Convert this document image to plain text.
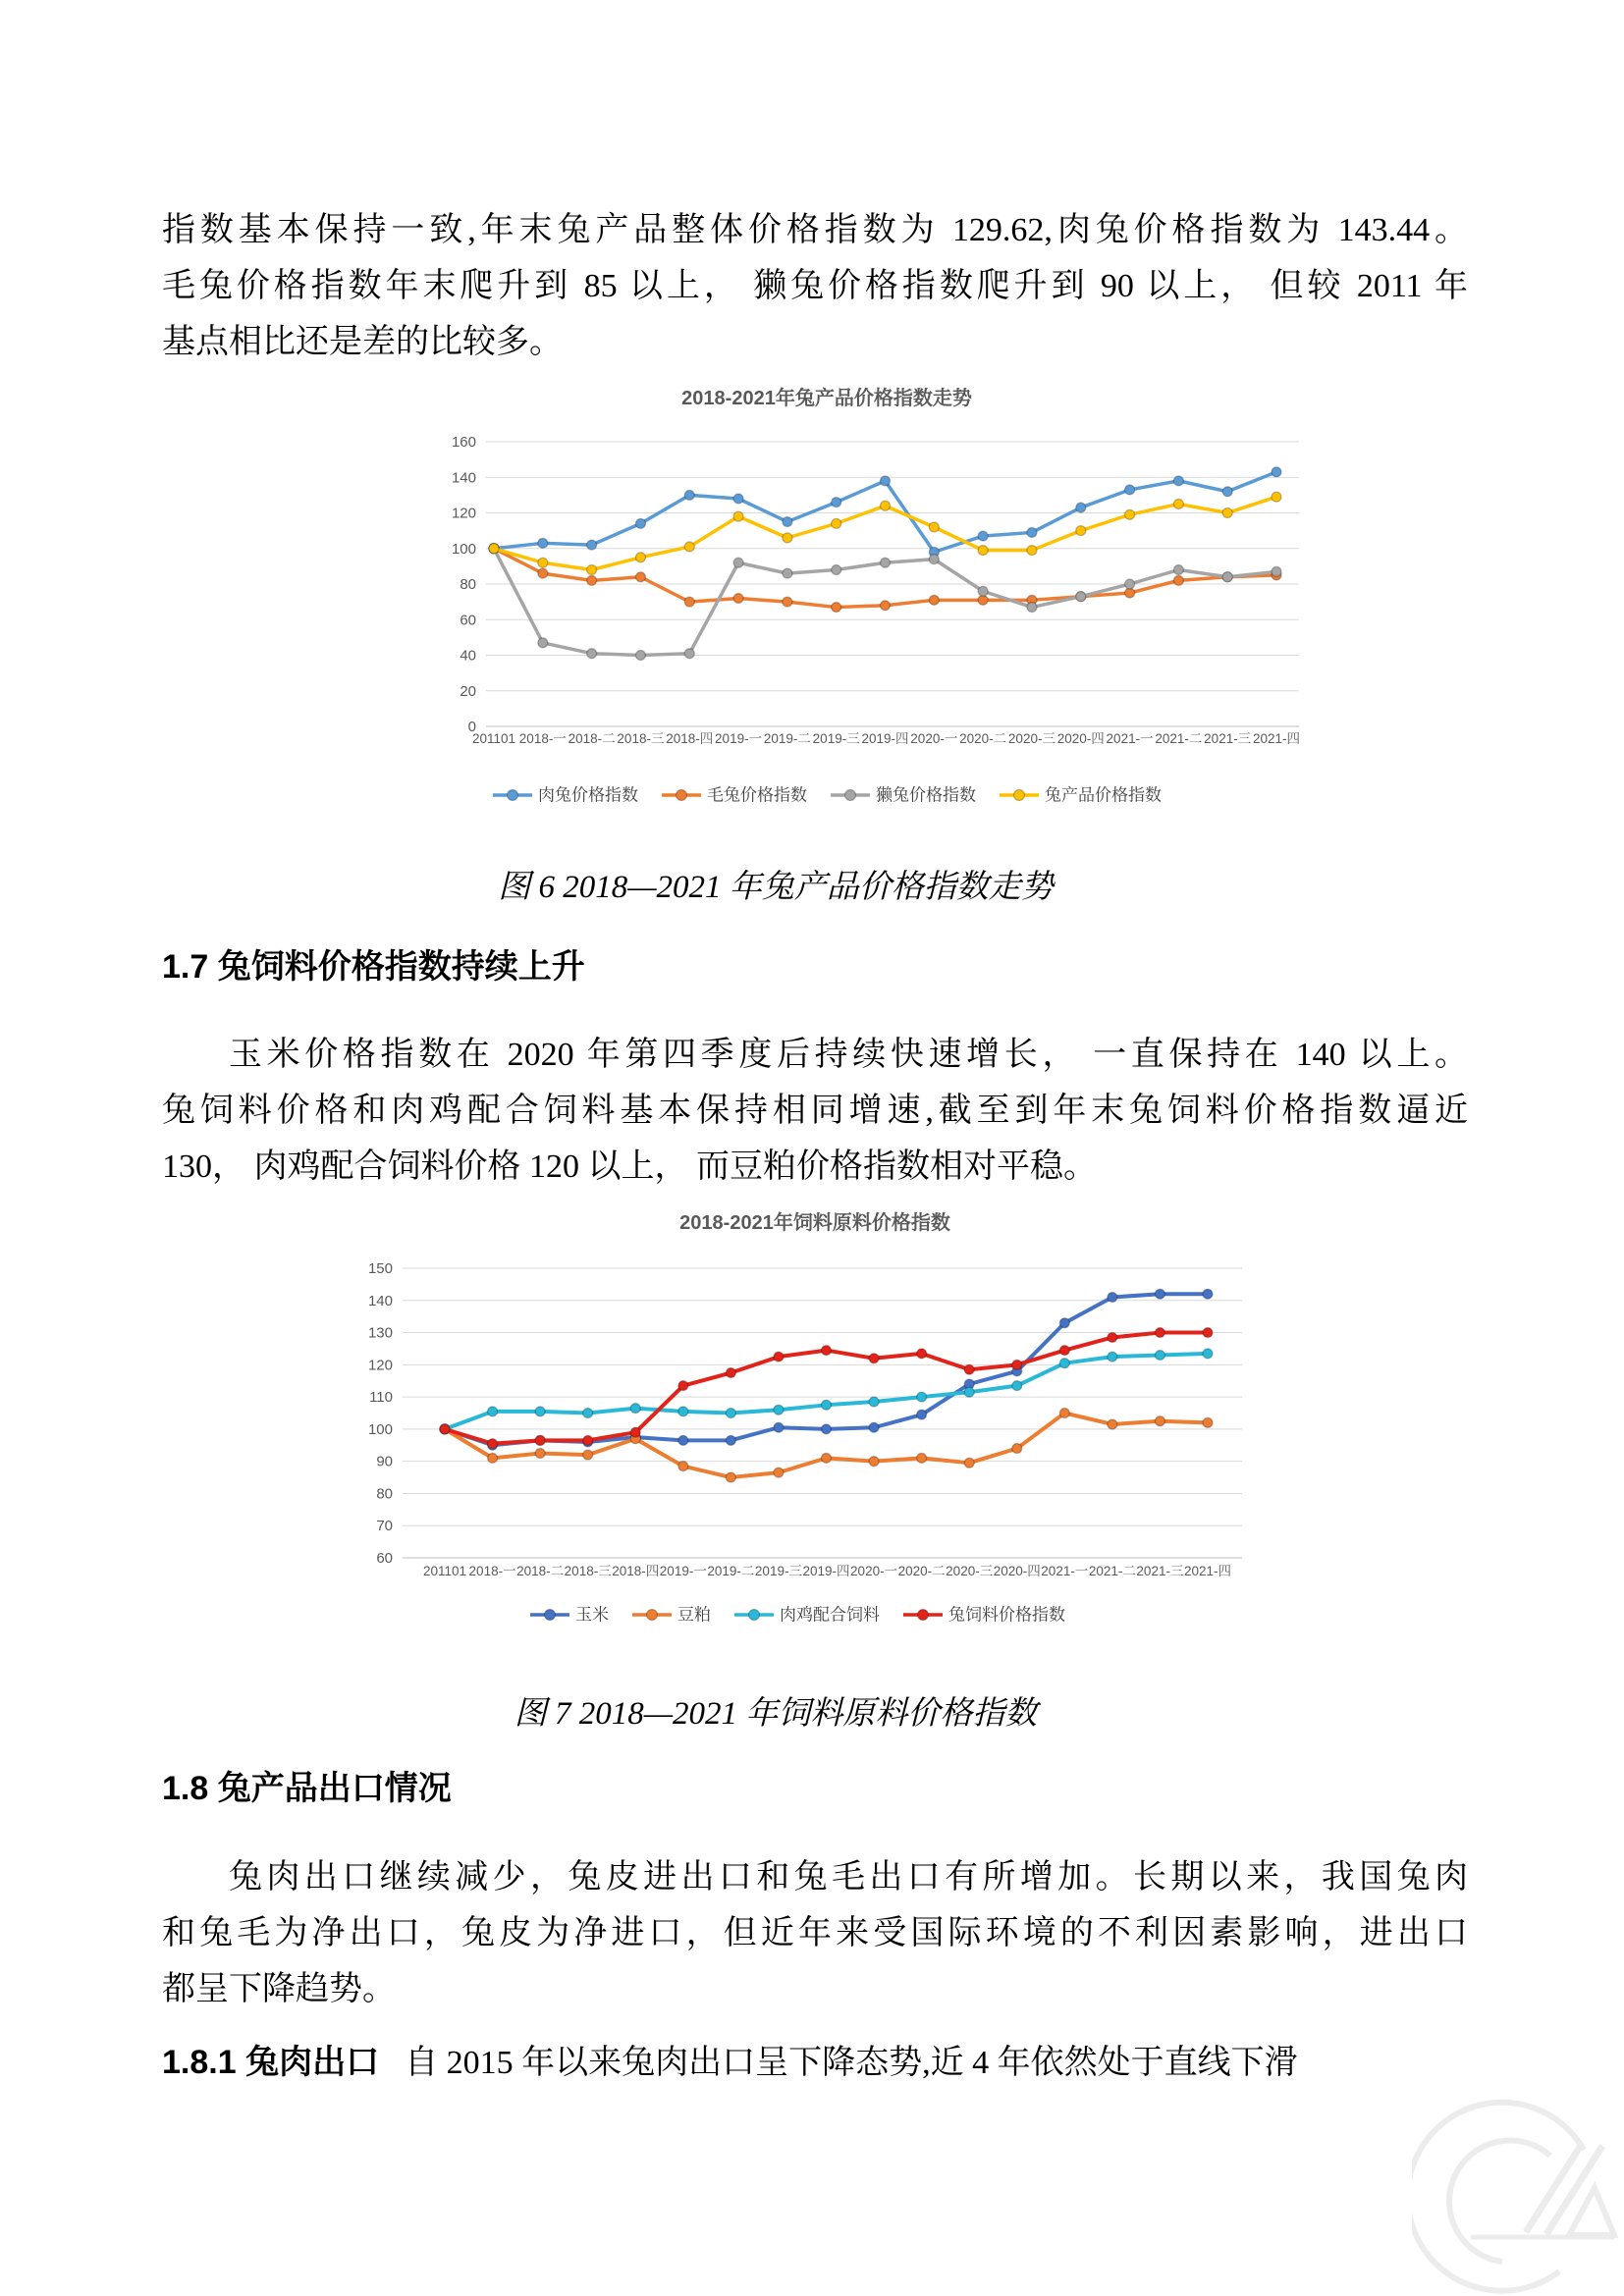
指数基本保持一致,年末兔产品整体价格指数为 129.62,肉兔价格指数为 143.44。
毛兔价格指数年末爬升到 85 以上， 獭兔价格指数爬升到 90 以上， 但较 2011 年
基点相比还是差的比较多。
2018-2021年兔产品价格指数走势
0
20
40
60
80
100
120
140
160
201101 2018-一 2018-二 2018-三 2018-四 2019-一 2019-二 2019-三 2019-四 2020-一 2020-二 2020-三 2020-四 2021-一 2021-二 2021-三 2021-四
肉兔价格指数	毛兔价格指数	獭兔价格指数	兔产品价格指数
图 6 2018—2021 年兔产品价格指数走势
1.7 兔饲料价格指数持续上升
玉米价格指数在 2020 年第四季度后持续快速增长， 一直保持在 140 以上。
兔饲料价格和肉鸡配合饲料基本保持相同增速,截至到年末兔饲料价格指数逼近
130， 肉鸡配合饲料价格 120 以上， 而豆粕价格指数相对平稳。
2018-2021年饲料原料价格指数
60
70
80
90
100
110
120
130
140
150
201101 2018-一 2018-二 2018-三 2018-四 2019-一 2019-二 2019-三 2019-四 2020-一 2020-二 2020-三 2020-四 2021-一 2021-二 2021-三 2021-四
玉米	豆粕	肉鸡配合饲料	兔饲料价格指数
图 7 2018—2021 年饲料原料价格指数
1.8 兔产品出口情况
兔肉出口继续减少，兔皮进出口和兔毛出口有所增加。长期以来，我国兔肉
和兔毛为净出口，兔皮为净进口，但近年来受国际环境的不利因素影响，进出口
都呈下降趋势。
1.8.1 兔肉出口 自 2015 年以来兔肉出口呈下降态势,近 4 年依然处于直线下滑
